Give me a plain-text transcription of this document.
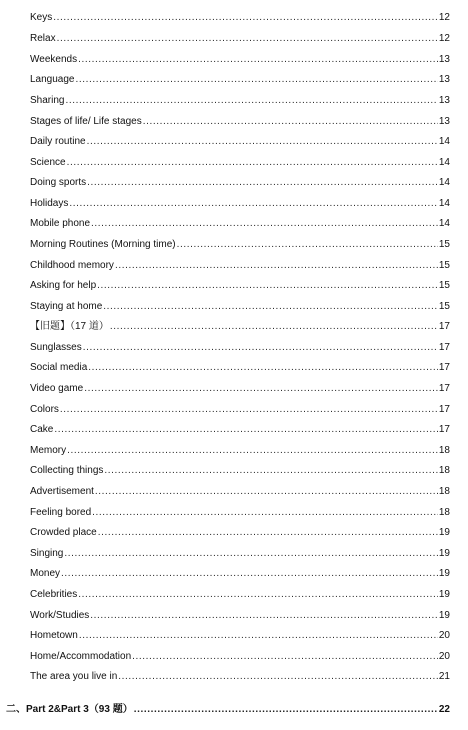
Keys .....	12
Relax .....	12
Weekends .....	13
Language .....	13
Sharing .....	13
Stages of life/ Life stages .....	13
Daily routine .....	14
Science .....	14
Doing sports .....	14
Holidays .....	14
Mobile phone .....	14
Morning Routines (Morning time) .....	15
Childhood memory .....	15
Asking for help .....	15
Staying at home .....	15
【旧题】（17 道） .....	17
Sunglasses .....	17
Social media .....	17
Video game .....	17
Colors .....	17
Cake .....	17
Memory .....	18
Collecting things .....	18
Advertisement .....	18
Feeling bored .....	18
Crowded place .....	19
Singing .....	19
Money .....	19
Celebrities .....	19
Work/Studies .....	19
Hometown .....	20
Home/Accommodation .....	20
The area you live in .....	21
二、Part 2&Part 3（93 题） .....	22
